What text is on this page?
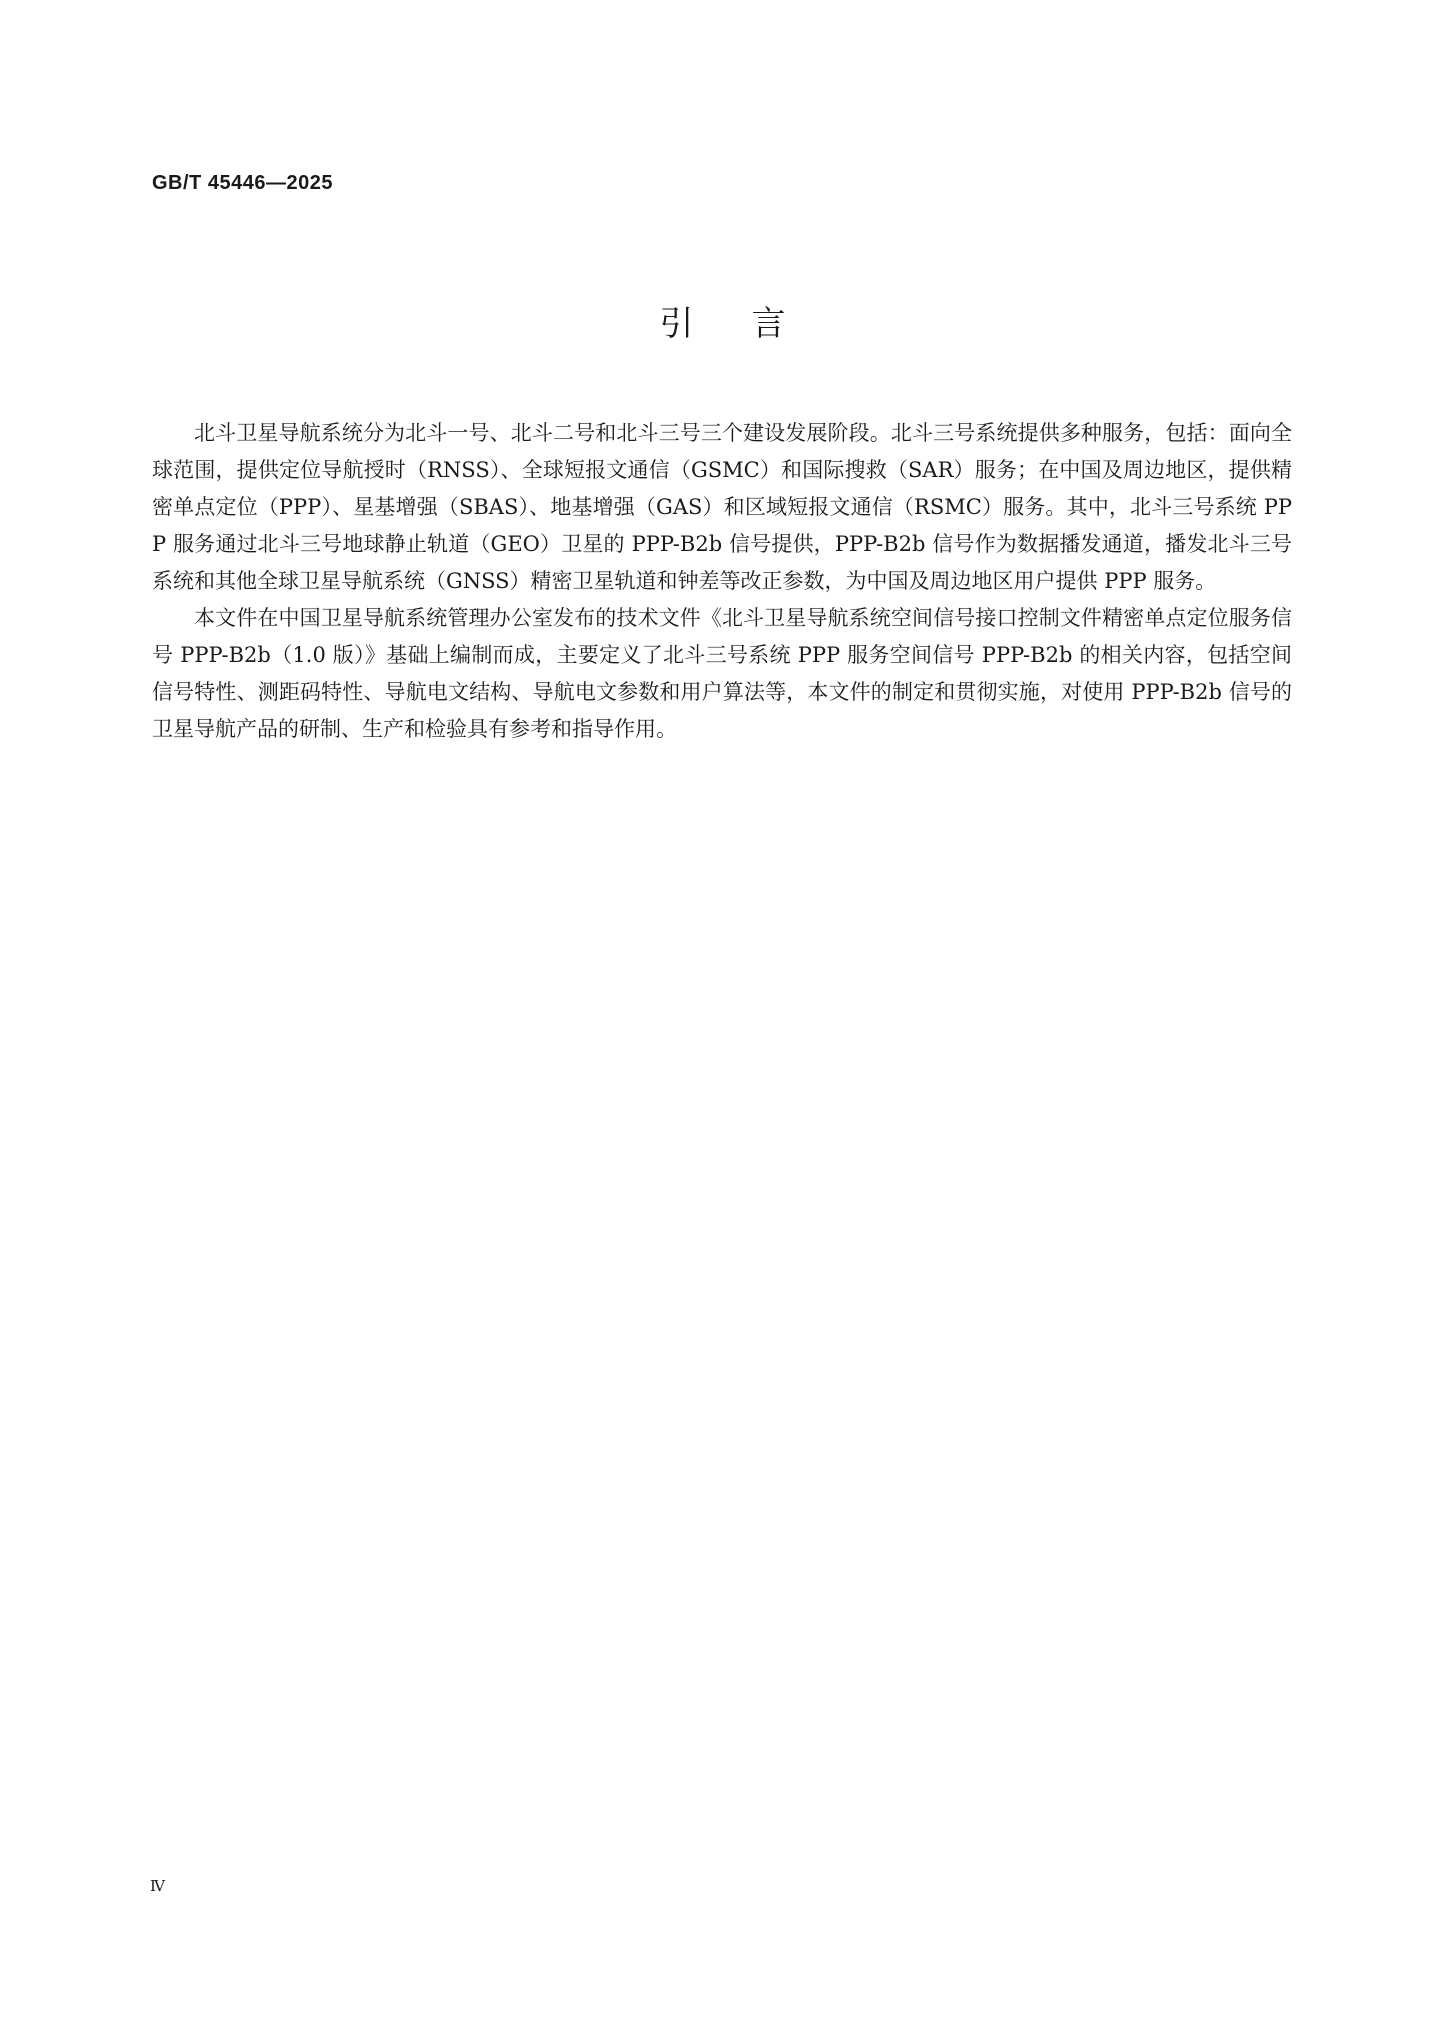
GB/T 45446—2025

引言

北斗卫星导航系统分为北斗一号、北斗二号和北斗三号三个建设发展阶段。北斗三号系统提供多种服务，包括：面向全球范围，提供定位导航授时（RNSS）、全球短报文通信（GSMC）和国际搜救（SAR）服务；在中国及周边地区，提供精密单点定位（PPP）、星基增强（SBAS）、地基增强（GAS）和区域短报文通信（RSMC）服务。其中，北斗三号系统 PPP 服务通过北斗三号地球静止轨道（GEO）卫星的 PPP-B2b 信号提供，PPP-B2b 信号作为数据播发通道，播发北斗三号系统和其他全球卫星导航系统（GNSS）精密卫星轨道和钟差等改正参数，为中国及周边地区用户提供 PPP 服务。

本文件在中国卫星导航系统管理办公室发布的技术文件《北斗卫星导航系统空间信号接口控制文件精密单点定位服务信号 PPP-B2b（1.0 版）》基础上编制而成，主要定义了北斗三号系统 PPP 服务空间信号 PPP-B2b 的相关内容，包括空间信号特性、测距码特性、导航电文结构、导航电文参数和用户算法等，本文件的制定和贯彻实施，对使用 PPP-B2b 信号的卫星导航产品的研制、生产和检验具有参考和指导作用。

Ⅳ
